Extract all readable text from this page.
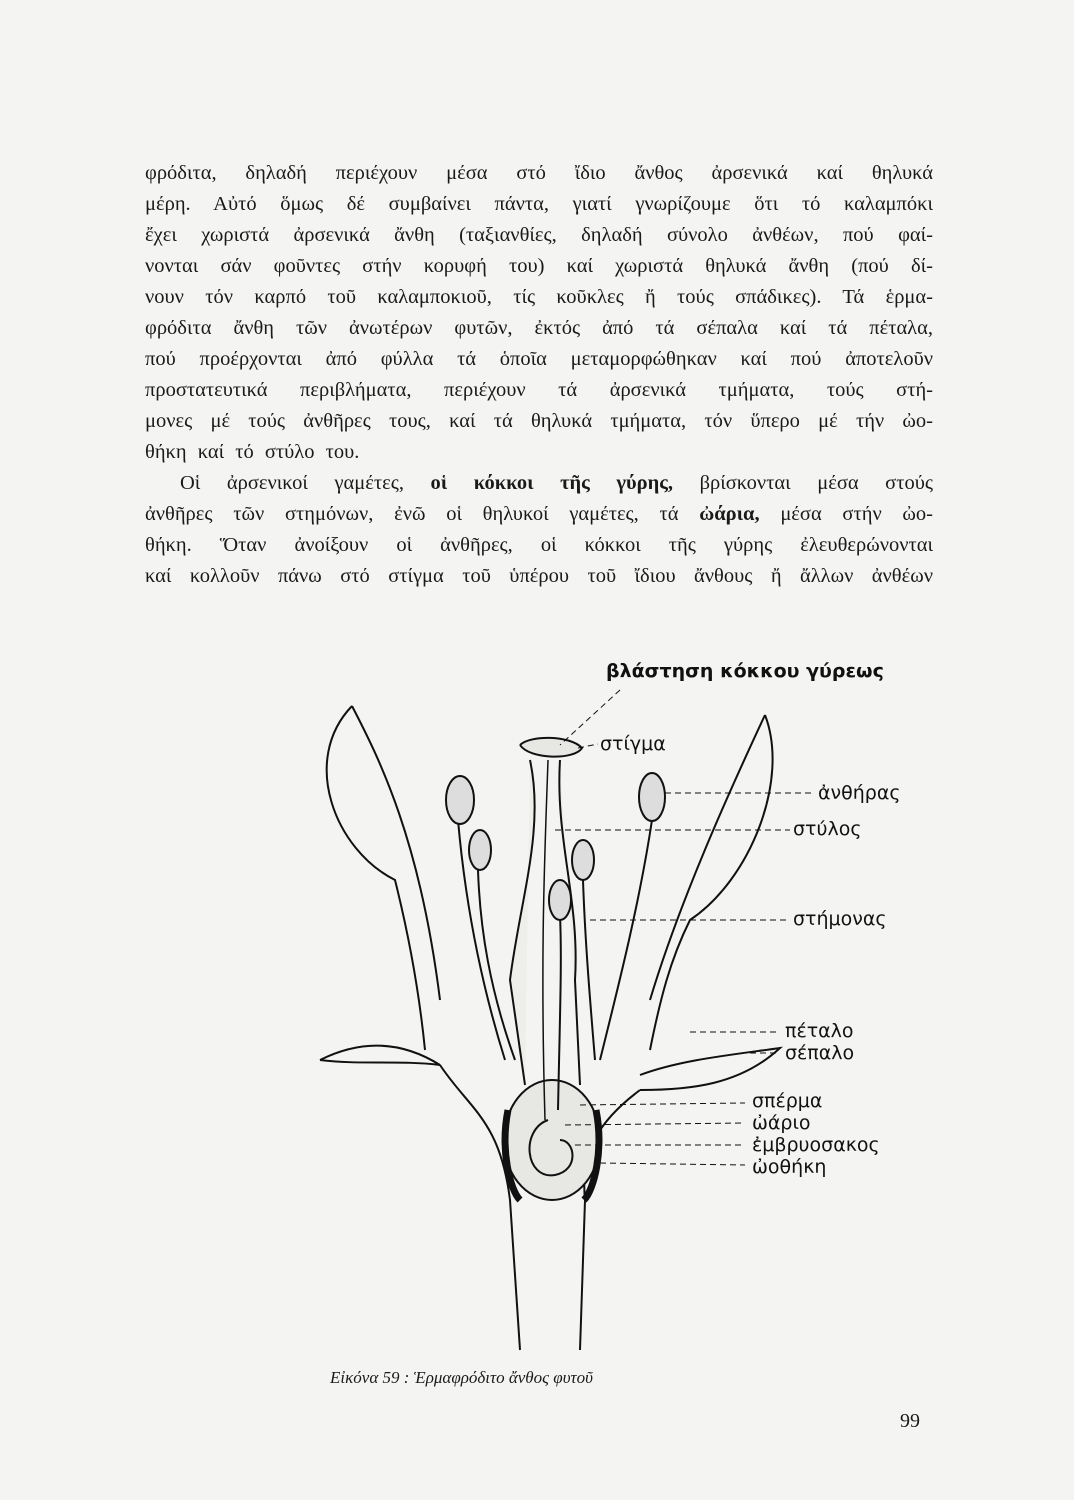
φρόδιτα, δηλαδή περιέχουν μέσα στό ἴδιο ἄνθος ἀρσενικά καί θηλυκά
μέρη. Αὐτό ὅμως δέ συμβαίνει πάντα, γιατί γνωρίζουμε ὅτι τό καλαμπόκι
ἔχει χωριστά ἀρσενικά ἄνθη (ταξιανθίες, δηλαδή σύνολο ἀνθέων, πού φαί-
νονται σάν φοῦντες στήν κορυφή του) καί χωριστά θηλυκά ἄνθη (πού δί-
νουν τόν καρπό τοῦ καλαμποκιοῦ, τίς κοῦκλες ἤ τούς σπάδικες). Τά ἑρμα-
φρόδιτα ἄνθη τῶν ἀνωτέρων φυτῶν, ἐκτός ἀπό τά σέπαλα καί τά πέταλα,
πού προέρχονται ἀπό φύλλα τά ὁποῖα μεταμορφώθηκαν καί πού ἀποτελοῦν
προστατευτικά περιβλήματα, περιέχουν τά ἀρσενικά τμήματα, τούς στή-
μονες μέ τούς ἀνθῆρες τους, καί τά θηλυκά τμήματα, τόν ὕπερο μέ τήν ὠο-
θήκη καί τό στύλο του.
Οἱ ἀρσενικοί γαμέτες, οἱ κόκκοι τῆς γύρης, βρίσκονται μέσα στούς
ἀνθῆρες τῶν στημόνων, ἐνῶ οἱ θηλυκοί γαμέτες, τά ὠάρια, μέσα στήν ὠο-
θήκη. Ὅταν ἀνοίξουν οἱ ἀνθῆρες, οἱ κόκκοι τῆς γύρης ἐλευθερώνονται
καί κολλοῦν πάνω στό στίγμα τοῦ ὑπέρου τοῦ ἴδιου ἄνθους ἤ ἄλλων ἀνθέων
βλάστηση κόκκου γύρεως
στίγμα
ἀνθήρας
στύλος
στήμονας
πέταλο
σέπαλο
σπέρμα
ὠάριο
ἐμβρυοσακος
ὠοθήκη
Εἰκόνα 59 : Ἑρμαφρόδιτο ἄνθος φυτοῦ
99
